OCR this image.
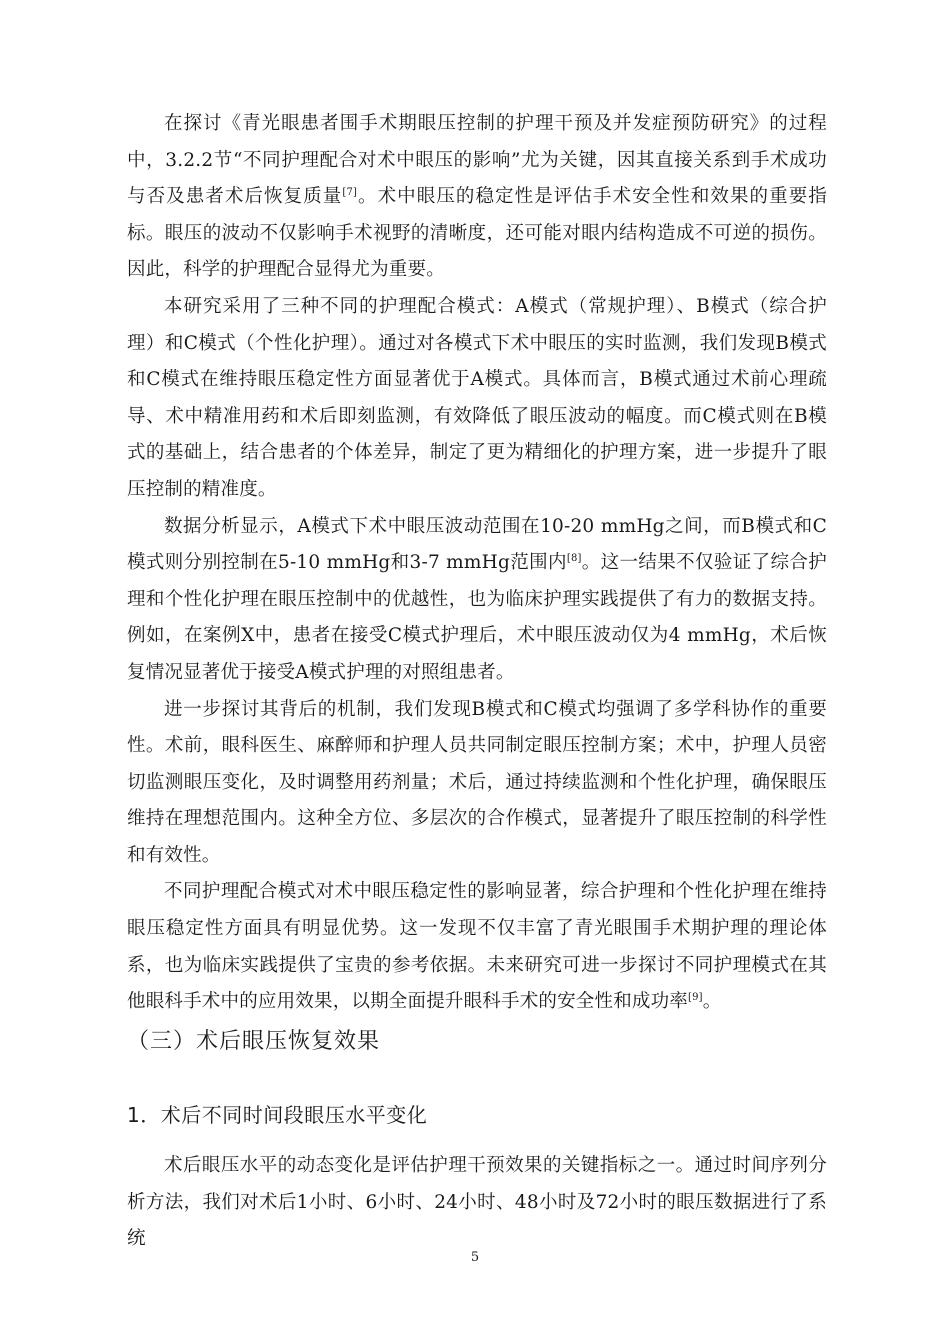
在探讨《青光眼患者围手术期眼压控制的护理干预及并发症预防研究》的过程中，3.2.2节“不同护理配合对术中眼压的影响”尤为关键，因其直接关系到手术成功与否及患者术后恢复质量[7]。术中眼压的稳定性是评估手术安全性和效果的重要指标。眼压的波动不仅影响手术视野的清晰度，还可能对眼内结构造成不可逆的损伤。因此，科学的护理配合显得尤为重要。

本研究采用了三种不同的护理配合模式：A模式（常规护理）、B模式（综合护理）和C模式（个性化护理）。通过对各模式下术中眼压的实时监测，我们发现B模式和C模式在维持眼压稳定性方面显著优于A模式。具体而言，B模式通过术前心理疏导、术中精准用药和术后即刻监测，有效降低了眼压波动的幅度。而C模式则在B模式的基础上，结合患者的个体差异，制定了更为精细化的护理方案，进一步提升了眼压控制的精准度。

数据分析显示，A模式下术中眼压波动范围在10-20 mmHg之间，而B模式和C模式则分别控制在5-10 mmHg和3-7 mmHg范围内[8]。这一结果不仅验证了综合护理和个性化护理在眼压控制中的优越性，也为临床护理实践提供了有力的数据支持。例如，在案例X中，患者在接受C模式护理后，术中眼压波动仅为4 mmHg，术后恢复情况显著优于接受A模式护理的对照组患者。

进一步探讨其背后的机制，我们发现B模式和C模式均强调了多学科协作的重要性。术前，眼科医生、麻醉师和护理人员共同制定眼压控制方案；术中，护理人员密切监测眼压变化，及时调整用药剂量；术后，通过持续监测和个性化护理，确保眼压维持在理想范围内。这种全方位、多层次的合作模式，显著提升了眼压控制的科学性和有效性。

不同护理配合模式对术中眼压稳定性的影响显著，综合护理和个性化护理在维持眼压稳定性方面具有明显优势。这一发现不仅丰富了青光眼围手术期护理的理论体系，也为临床实践提供了宝贵的参考依据。未来研究可进一步探讨不同护理模式在其他眼科手术中的应用效果，以期全面提升眼科手术的安全性和成功率[9]。

（三）术后眼压恢复效果
1．术后不同时间段眼压水平变化

术后眼压水平的动态变化是评估护理干预效果的关键指标之一。通过时间序列分析方法，我们对术后1小时、6小时、24小时、48小时及72小时的眼压数据进行了系统

5
